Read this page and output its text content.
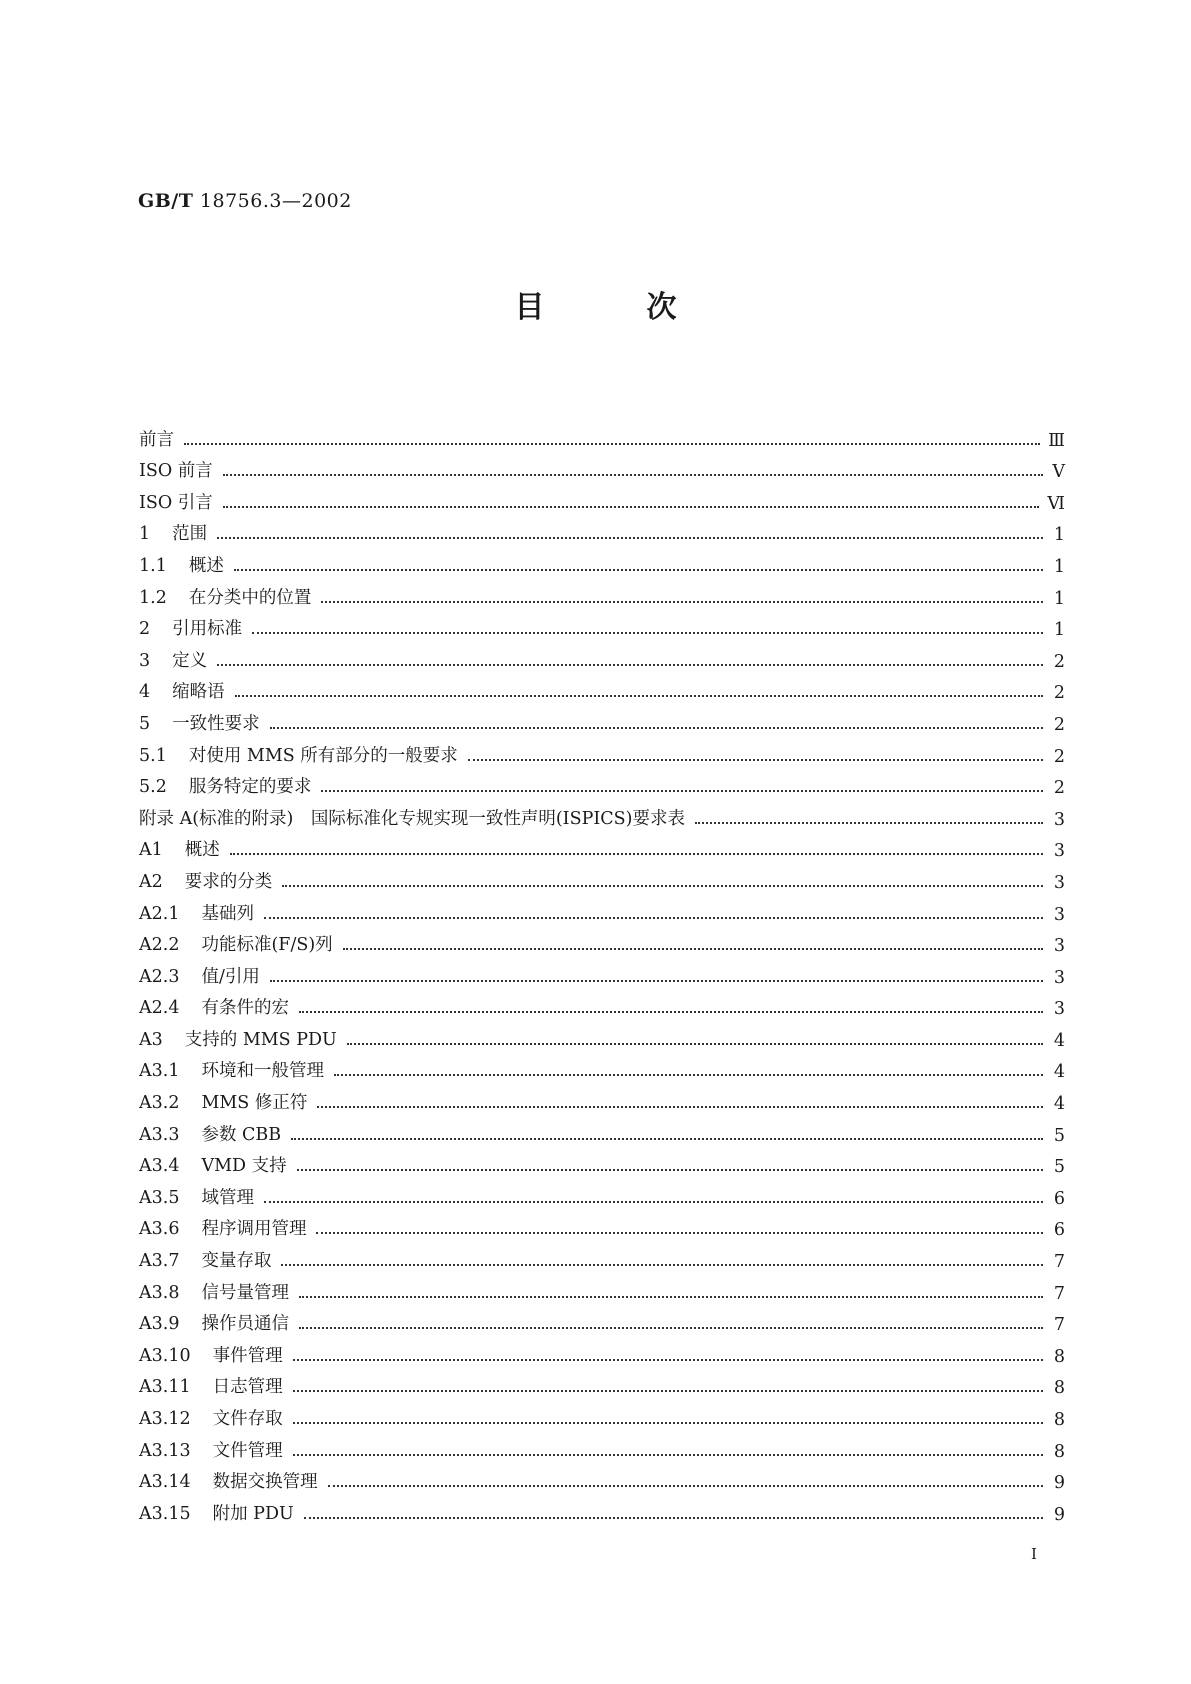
GB/T 18756.3—2002
目	次
前言	Ⅲ
ISO 前言	Ⅴ
ISO 引言	Ⅵ
1 范围	1
1.1 概述	1
1.2 在分类中的位置	1
2 引用标准	1
3 定义	2
4 缩略语	2
5 一致性要求	2
5.1 对使用 MMS 所有部分的一般要求	2
5.2 服务特定的要求	2
附录 A(标准的附录)　国际标准化专规实现一致性声明(ISPICS)要求表	3
A1 概述	3
A2 要求的分类	3
A2.1 基础列	3
A2.2 功能标准(F/S)列	3
A2.3 值/引用	3
A2.4 有条件的宏	3
A3 支持的 MMS PDU	4
A3.1 环境和一般管理	4
A3.2 MMS 修正符	4
A3.3 参数 CBB	5
A3.4 VMD 支持	5
A3.5 域管理	6
A3.6 程序调用管理	6
A3.7 变量存取	7
A3.8 信号量管理	7
A3.9 操作员通信	7
A3.10 事件管理	8
A3.11 日志管理	8
A3.12 文件存取	8
A3.13 文件管理	8
A3.14 数据交换管理	9
A3.15 附加 PDU	9
Ⅰ
